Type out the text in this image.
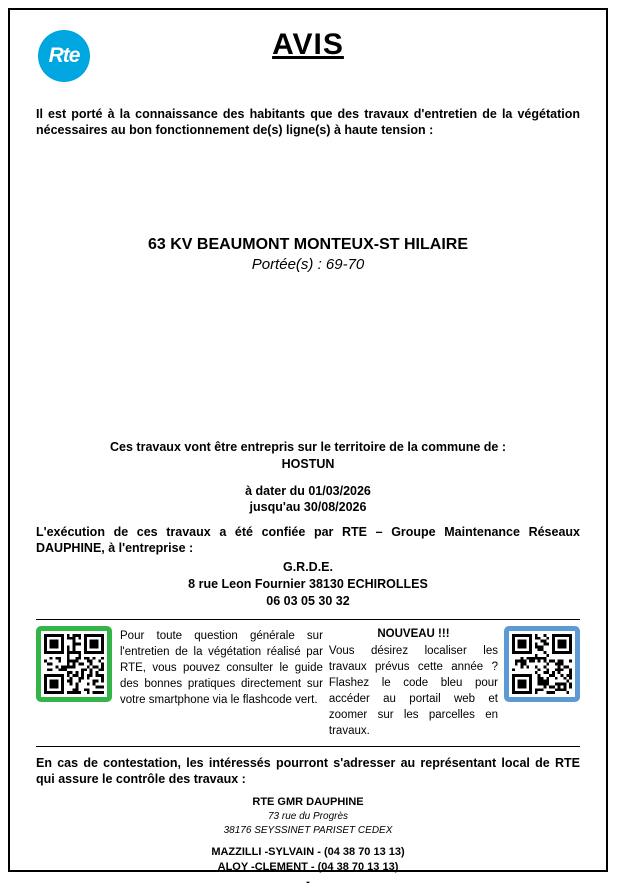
Rte	AVIS

Il est porté à la connaissance des habitants que des travaux d'entretien de la végétation nécessaires au bon fonctionnement de(s) ligne(s) à haute tension :

63 KV BEAUMONT MONTEUX-ST HILAIRE
Portée(s) : 69-70
Ces travaux vont être entrepris sur le territoire de la commune de :
HOSTUN
à dater du 01/03/2026
jusqu'au 30/08/2026

L'exécution de ces travaux a été confiée par RTE – Groupe Maintenance Réseaux DAUPHINE, à l'entreprise :

G.R.D.E.
8 rue Leon Fournier 38130 ECHIROLLES
06 03 05 30 32

Pour toute question générale sur l'entretien de la végétation réalisé par RTE, vous pouvez consulter le guide des bonnes pratiques directement sur votre smartphone via le flashcode vert.

NOUVEAU !!!

Vous désirez localiser les travaux prévus cette année ? Flashez le code bleu pour accéder au portail web et zoomer sur les parcelles en travaux.

En cas de contestation, les intéressés pourront s'adresser au représentant local de RTE qui assure le contrôle des travaux :

RTE GMR DAUPHINE
73 rue du Progrès
38176 SEYSSINET PARISET CEDEX
MAZZILLI -SYLVAIN - (04 38 70 13 13)
ALOY -CLEMENT - (04 38 70 13 13)
-
